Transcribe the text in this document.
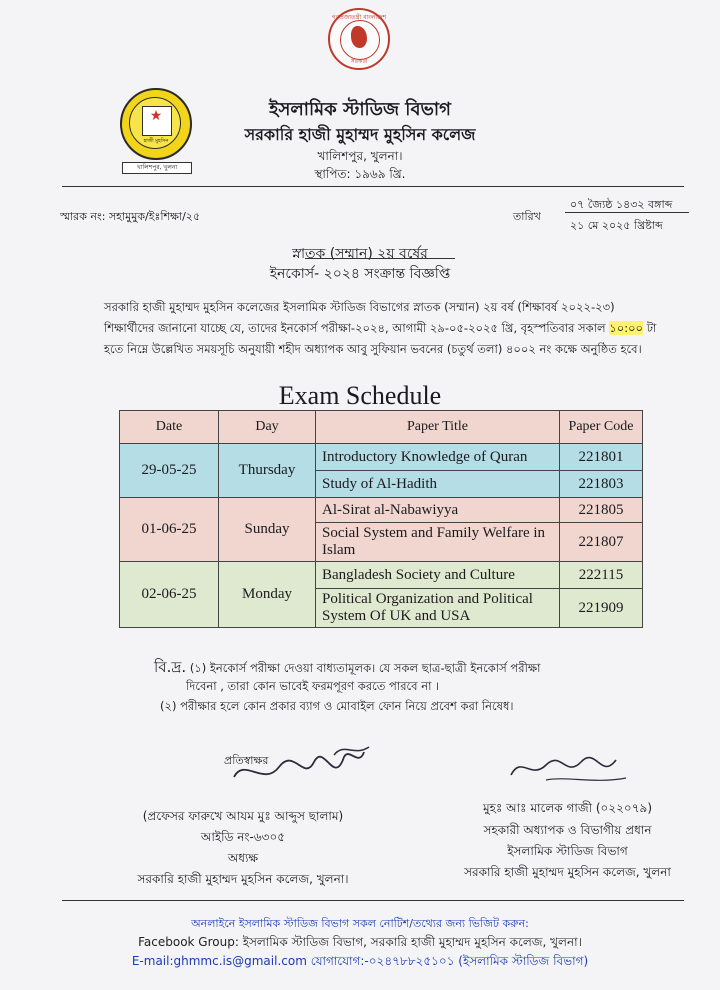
গণপ্রজাতন্ত্রী বাংলাদেশ
সরকার
★
হাজী মুহসিন
খালিশপুর, খুলনা
ইসলামিক স্টাডিজ বিভাগ
সরকারি হাজী মুহাম্মদ মুহসিন কলেজ
খালিশপুর, খুলনা।
স্থাপিত: ১৯৬৯ খ্রি.
স্মারক নং: সহামুমুক/ইঃশিক্ষা/২৫	তারিখ
০৭ জ্যৈষ্ঠ ১৪৩২ বঙ্গাব্দ
২১ মে ২০২৫ খ্রিষ্টাব্দ
স্নাতক (সম্মান) ২য় বর্ষের
ইনকোর্স- ২০২৪ সংক্রান্ত বিজ্ঞপ্তি
সরকারি হাজী মুহাম্মদ মুহসিন কলেজের ইসলামিক স্টাডিজ বিভাগের স্নাতক (সম্মান) ২য় বর্ষ (শিক্ষাবর্ষ ২০২২-২৩) শিক্ষার্থীদের জানানো যাচ্ছে যে, তাদের ইনকোর্স পরীক্ষা-২০২৪, আগামী ২৯-০৫-২০২৫ খ্রি, বৃহস্পতিবার সকাল ১০:০০ টা হতে নিম্নে উল্লেখিত সময়সূচি অনুযায়ী শহীদ অধ্যাপক আবু সুফিয়ান ভবনের (চতুর্থ তলা) ৪০০২ নং কক্ষে অনুষ্ঠিত হবে।
Exam Schedule
Date	Day	Paper Title	Paper Code
29-05-25	Thursday	Introductory Knowledge of Quran	221801
		Study of Al-Hadith	221803
01-06-25	Sunday	Al-Sirat al-Nabawiyya	221805
		Social System and Family Welfare in Islam	221807
02-06-25	Monday	Bangladesh Society and Culture	222115
		Political Organization and Political System Of UK and USA	221909
বি.দ্র. (১) ইনকোর্স পরীক্ষা দেওয়া বাধ্যতামূলক। যে সকল ছাত্র-ছাত্রী ইনকোর্স পরীক্ষা
দিবেনা , তারা কোন ভাবেই ফরমপূরণ করতে পারবে না ।
(২) পরীক্ষার হলে কোন প্রকার ব্যাগ ও মোবাইল ফোন নিয়ে প্রবেশ করা নিষেধ।
প্রতিস্বাক্ষর
(প্রফেসর ফারুখে আযম মুঃ আব্দুস ছালাম)
আইডি নং-৬৩০৫
অধ্যক্ষ
সরকারি হাজী মুহাম্মদ মুহসিন কলেজ, খুলনা।
মুহঃ আঃ মালেক গাজী (০২২০৭৯)
সহকারী অধ্যাপক ও বিভাগীয় প্রধান
ইসলামিক স্টাডিজ বিভাগ
সরকারি হাজী মুহাম্মদ মুহসিন কলেজ, খুলনা
অনলাইনে ইসলামিক স্টাডিজ বিভাগ সকল নোটিশ/তথ্যের জন্য ভিজিট করুন:
Facebook Group: ইসলামিক স্টাডিজ বিভাগ, সরকারি হাজী মুহাম্মদ মুহসিন কলেজ, খুলনা।
E-mail:ghmmc.is@gmail.com যোগাযোগ:-০২৪৭৮৮২৫১০১ (ইসলামিক স্টাডিজ বিভাগ)
